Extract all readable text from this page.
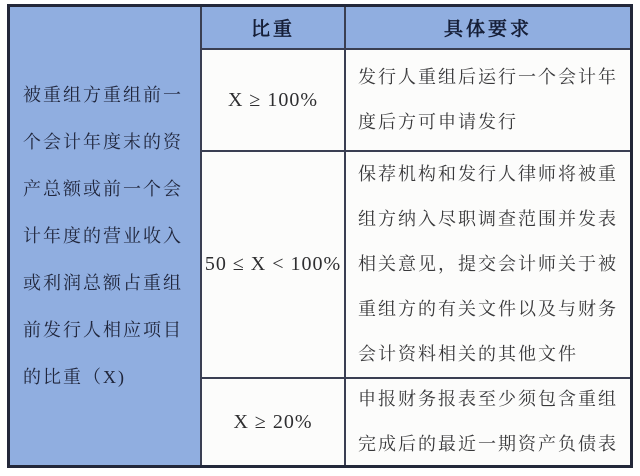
被重组方重组前一个会计年度末的资产总额或前一个会计年度的营业收入或利润总额占重组前发行人相应项目的比重（X)
比重	具体要求
X ≥ 100%
发行人重组后运行一个会计年度后方可申请发行
50 ≤ X < 100%
保荐机构和发行人律师将被重组方纳入尽职调查范围并发表相关意见，提交会计师关于被重组方的有关文件以及与财务会计资料相关的其他文件
X ≥ 20%
申报财务报表至少须包含重组完成后的最近一期资产负债表
